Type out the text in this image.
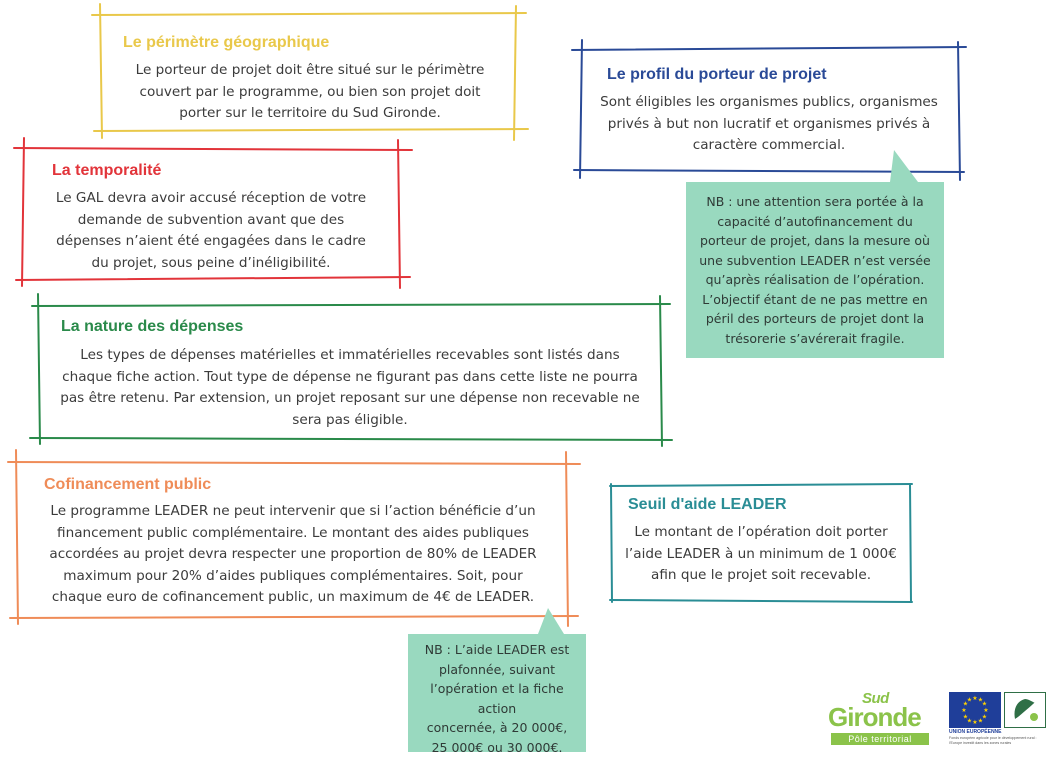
Le périmètre géographique
Le porteur de projet doit être situé sur le périmètre
couvert par le programme, ou bien son projet doit
porter sur le territoire du Sud Gironde.
Le profil du porteur de projet
Sont éligibles les organismes publics, organismes
privés à but non lucratif et organismes privés à
caractère commercial.
NB : une attention sera portée à la
capacité d’autofinancement du
porteur de projet, dans la mesure où
une subvention LEADER n’est versée
qu’après réalisation de l’opération.
L’objectif étant de ne pas mettre en
péril des porteurs de projet dont la
trésorerie s’avérerait fragile.
La temporalité
Le GAL devra avoir accusé réception de votre
demande de subvention avant que des
dépenses n’aient été engagées dans le cadre
du projet, sous peine d’inéligibilité.
La nature des dépenses
Les types de dépenses matérielles et immatérielles recevables sont listés dans
chaque fiche action. Tout type de dépense ne figurant pas dans cette liste ne pourra
pas être retenu. Par extension, un projet reposant sur une dépense non recevable ne
sera pas éligible.
Cofinancement public
Le programme LEADER ne peut intervenir que si l’action bénéficie d’un
financement public complémentaire. Le montant des aides publiques
accordées au projet devra respecter une proportion de 80% de LEADER
maximum pour 20% d’aides publiques complémentaires. Soit, pour
chaque euro de cofinancement public, un maximum de 4€ de LEADER.
Seuil d'aide LEADER
Le montant de l’opération doit porter
l’aide LEADER à un minimum de 1 000€
afin que le projet soit recevable.
NB : L’aide LEADER est
plafonnée, suivant
l’opération et la fiche action
concernée, à 20 000€,
25 000€ ou 30 000€.
Sud
Gironde
Pôle territorial
★ ★
★
★
★
★
★
★
★
★
★
★
UNION EUROPÉENNE
Fonds européen agricole pour le développement rural : l'Europe investit dans les zones rurales
